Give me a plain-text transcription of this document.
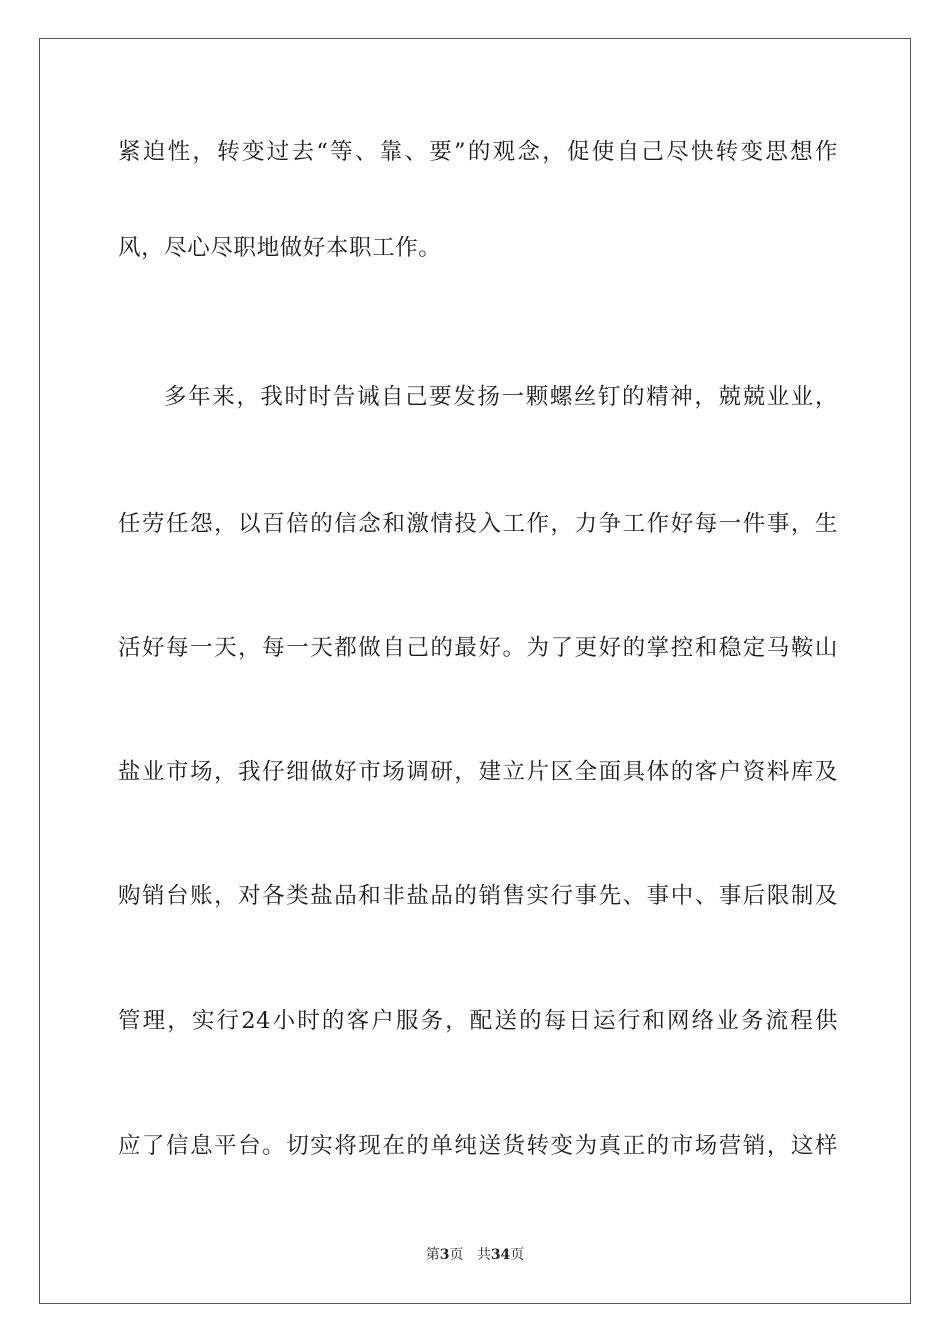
紧迫性，转变过去“等、靠、要”的观念，促使自己尽快转变思想作
风，尽心尽职地做好本职工作。
多年来，我时时告诫自己要发扬一颗螺丝钉的精神，兢兢业业，
任劳任怨，以百倍的信念和激情投入工作，力争工作好每一件事，生
活好每一天，每一天都做自己的最好。为了更好的掌控和稳定马鞍山
盐业市场，我仔细做好市场调研，建立片区全面具体的客户资料库及
购销台账，对各类盐品和非盐品的销售实行事先、事中、事后限制及
管理，实行24小时的客户服务，配送的每日运行和网络业务流程供
应了信息平台。切实将现在的单纯送货转变为真正的市场营销，这样
第3页 共34页
